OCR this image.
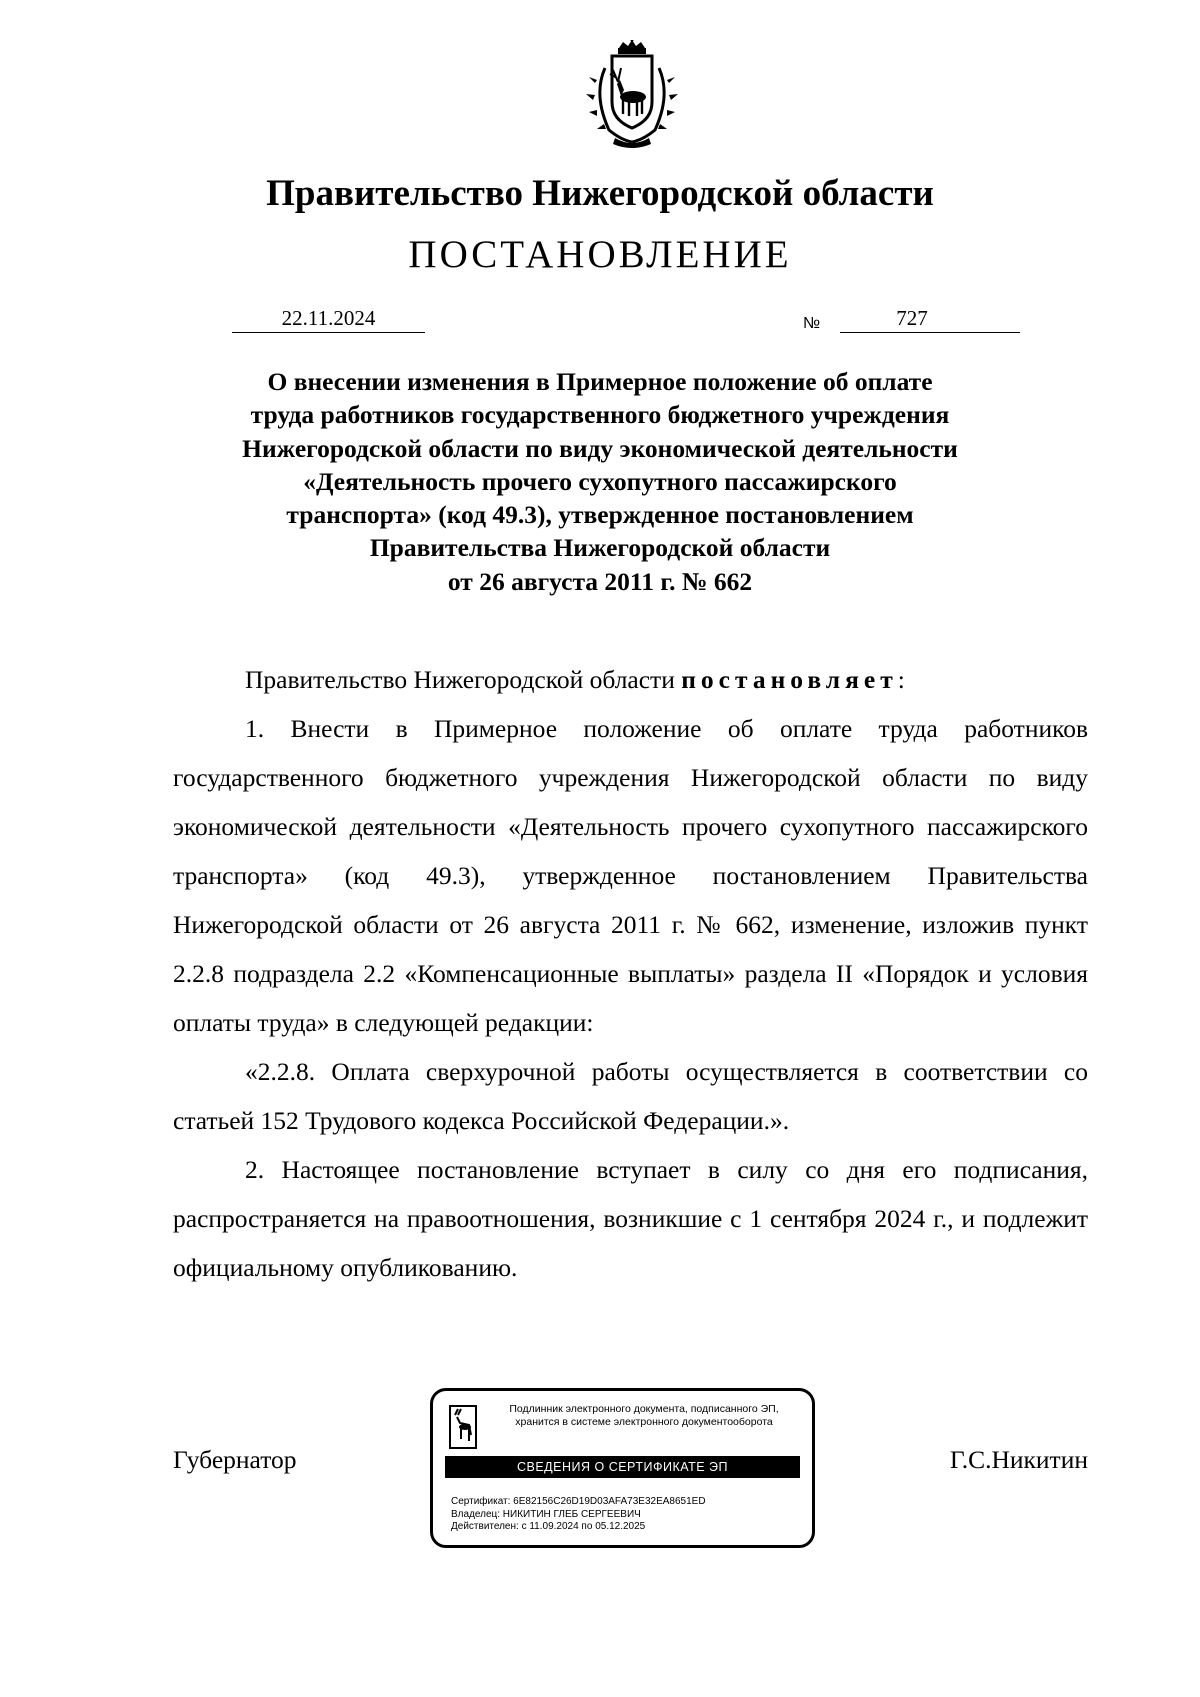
Правительство Нижегородской области
ПОСТАНОВЛЕНИЕ
22.11.2024	№	727
О внесении изменения в Примерное положение об оплате
труда работников государственного бюджетного учреждения
Нижегородской области по виду экономической деятельности
«Деятельность прочего сухопутного пассажирского
транспорта» (код 49.3), утвержденное постановлением
Правительства Нижегородской области
от 26 августа 2011 г. № 662

Правительство Нижегородской области постановляет:

1. Внести в Примерное положение об оплате труда работников государственного бюджетного учреждения Нижегородской области по виду экономической деятельности «Деятельность прочего сухопутного пассажирского транспорта» (код 49.3), утвержденное постановлением Правительства Нижегородской области от 26 августа 2011 г. № 662, изменение, изложив пункт 2.2.8 подраздела 2.2 «Компенсационные выплаты» раздела II «Порядок и условия оплаты труда» в следующей редакции:

«2.2.8. Оплата сверхурочной работы осуществляется в соответствии со статьей 152 Трудового кодекса Российской Федерации.».

2. Настоящее постановление вступает в силу со дня его подписания, распространяется на правоотношения, возникшие с 1 сентября 2024 г., и подлежит официальному опубликованию.

Губернатор
Подлинник электронного документа, подписанного ЭП,
хранится в системе электронного документооборота
СВЕДЕНИЯ О СЕРТИФИКАТЕ ЭП
Сертификат: 6E82156C26D19D03AFA73E32EA8651ED
Владелец: НИКИТИН ГЛЕБ СЕРГЕЕВИЧ
Действителен: с 11.09.2024 по 05.12.2025
Г.С.Никитин
